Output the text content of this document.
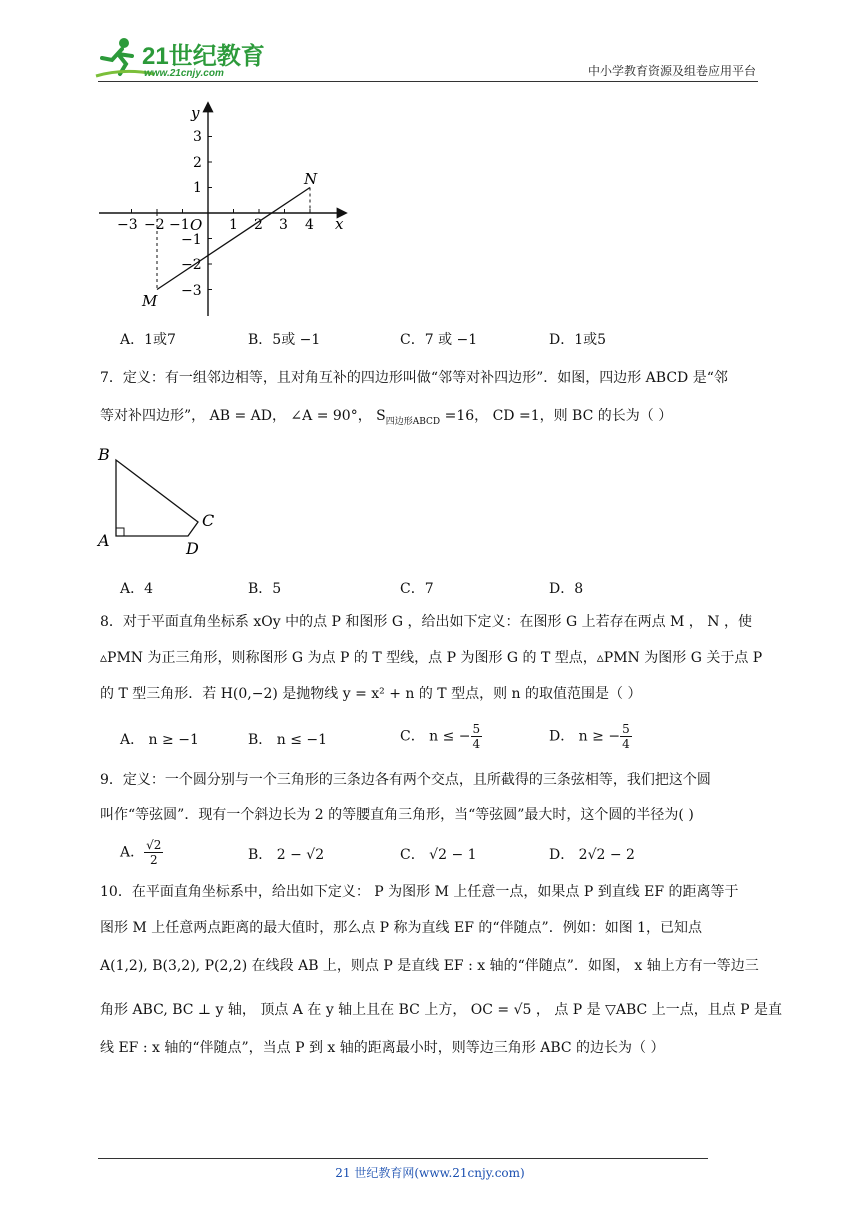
21世纪教育
www.21cnjy.com	中小学教育资源及组卷应用平台
y
x
O
−3 −2 −1	1 2 3 4
3
2
1
−1
−2
−3
N
M
A．1或7	B．5或 −1	C．7 或 −1	D．1或5
7．定义：有一组邻边相等，且对角互补的四边形叫做“邻等对补四边形”．如图，四边形 ABCD 是“邻
等对补四边形”， AB = AD， ∠A = 90°， $S_{四边形ABCD} =16$， CD =1，则 BC 的长为（ ）
B
A
C
D
A．4	B．5	C．7	D．8
8．对于平面直角坐标系 xOy 中的点 P 和图形 G ，给出如下定义：在图形 G 上若存在两点 M ， N ，使
▵PMN 为正三角形，则称图形 G 为点 P 的 T 型线，点 P 为图形 G 的 T 型点，▵PMN 为图形 G 关于点 P
的 T 型三角形．若 H(0,−2) 是抛物线 y = x² + n 的 T 型点，则 n 的取值范围是（ ）
A． n ≥ −1	B． n ≤ −1	C． n ≤ − $\frac{5}{4}$	D． n ≥ − $\frac{5}{4}$
9．定义：一个圆分别与一个三角形的三条边各有两个交点，且所截得的三条弦相等，我们把这个圆
叫作“等弦圆”．现有一个斜边长为 2 的等腰直角三角形，当“等弦圆”最大时，这个圆的半径为( )
A． $\frac{√2}{2}$	B． 2 − √2	C． √2 − 1	D． 2√2 − 2
10．在平面直角坐标系中，给出如下定义： P 为图形 M 上任意一点，如果点 P 到直线 EF 的距离等于
图形 M 上任意两点距离的最大值时，那么点 P 称为直线 EF 的“伴随点”．例如：如图 1，已知点
A(1,2), B(3,2), P(2,2) 在线段 AB 上，则点 P 是直线 EF : x 轴的“伴随点”．如图， x 轴上方有一等边三
角形 ABC, BC ⊥ y 轴， 顶点 A 在 y 轴上且在 BC 上方， OC = √5 ， 点 P 是 ▽ABC 上一点，且点 P 是直
线 EF : x 轴的“伴随点”，当点 P 到 x 轴的距离最小时，则等边三角形 ABC 的边长为（ ）
21 世纪教育网(www.21cnjy.com)
